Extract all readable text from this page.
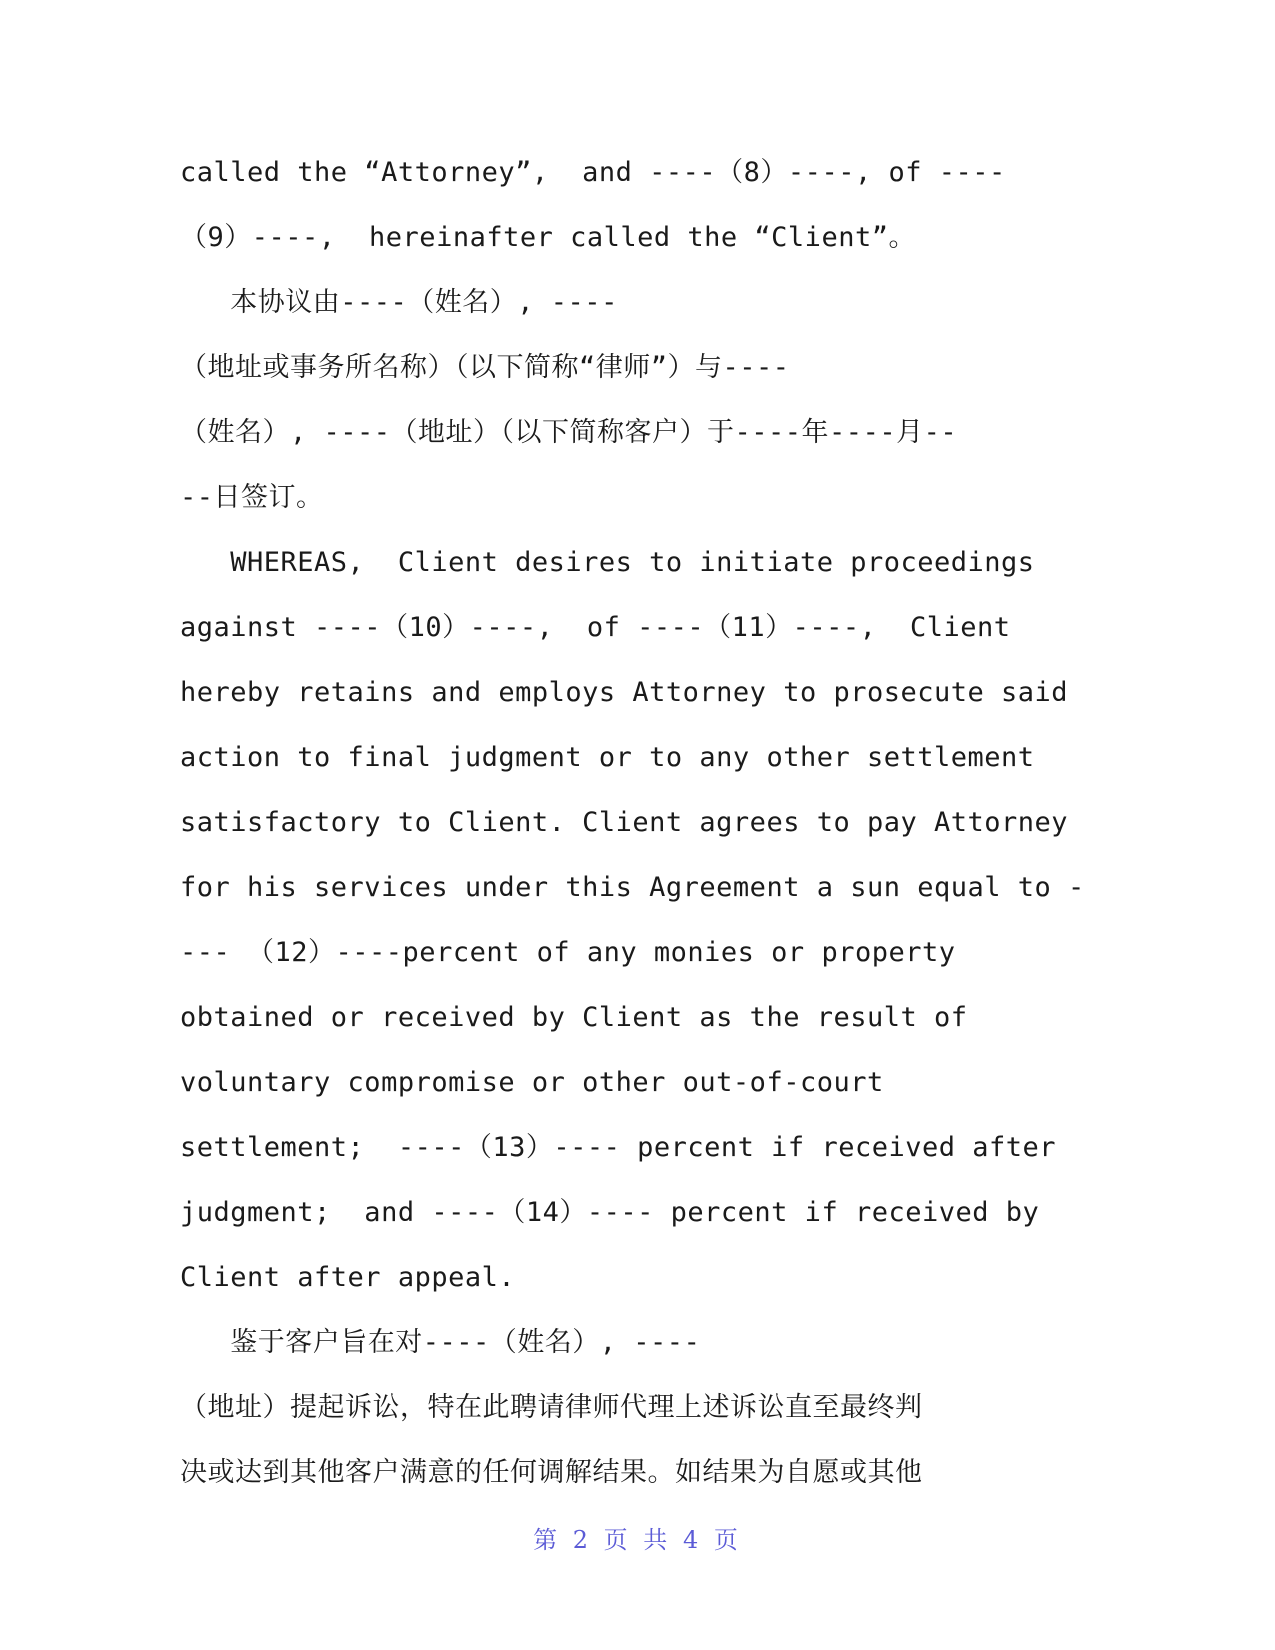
called the “Attorney”,  and ----（8）----, of ----
（9）----,  hereinafter called the “Client”。
本协议由----（姓名）, ----
（地址或事务所名称）（以下简称“律师”）与----
（姓名）, ----（地址）（以下简称客户）于----年----月--
--日签订。
WHEREAS,  Client desires to initiate proceedings
against ----（10）----,  of ----（11）----,  Client
hereby retains and employs Attorney to prosecute said
action to final judgment or to any other settlement
satisfactory to Client. Client agrees to pay Attorney
for his services under this Agreement a sun equal to -
--- （12）----percent of any monies or property
obtained or received by Client as the result of
voluntary compromise or other out-of-court
settlement;  ----（13）---- percent if received after
judgment;  and ----（14）---- percent if received by
Client after appeal.
鉴于客户旨在对----（姓名）, ----
（地址）提起诉讼，特在此聘请律师代理上述诉讼直至最终判
决或达到其他客户满意的任何调解结果。如结果为自愿或其他
第 2 页 共 4 页
